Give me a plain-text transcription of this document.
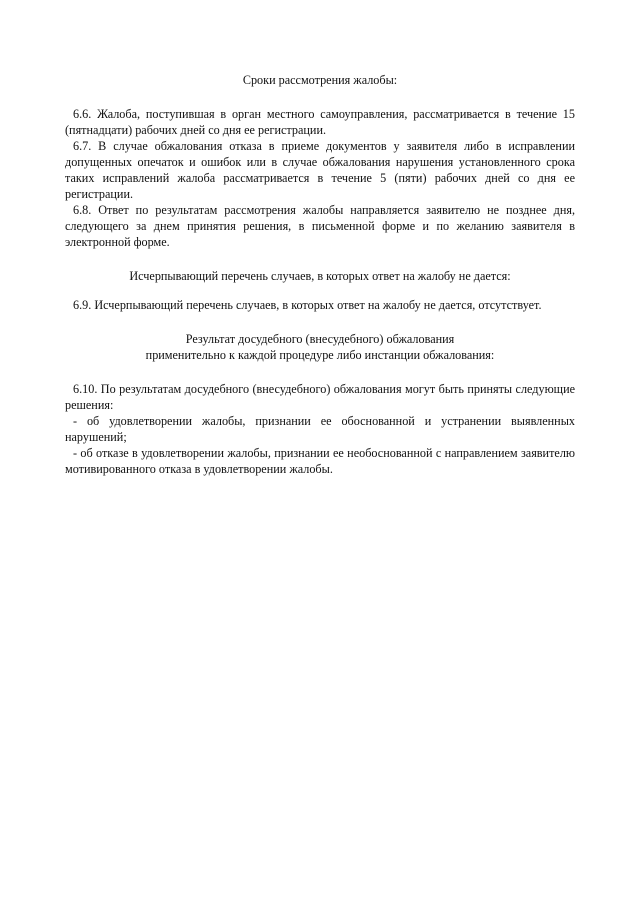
Сроки рассмотрения жалобы:

6.6. Жалоба, поступившая в орган местного самоуправления, рассматривается в течение 15 (пятнадцати) рабочих дней со дня ее регистрации.

6.7. В случае обжалования отказа в приеме документов у заявителя либо в исправлении допущенных опечаток и ошибок или в случае обжалования нарушения установленного срока таких исправлений жалоба рассматривается в течение 5 (пяти) рабочих дней со дня ее регистрации.

6.8. Ответ по результатам рассмотрения жалобы направляется заявителю не позднее дня, следующего за днем принятия решения, в письменной форме и по желанию заявителя в электронной форме.

Исчерпывающий перечень случаев, в которых ответ на жалобу не дается:

6.9. Исчерпывающий перечень случаев, в которых ответ на жалобу не дается, отсутствует.

Результат досудебного (внесудебного) обжалования

применительно к каждой процедуре либо инстанции обжалования:

6.10. По результатам досудебного (внесудебного) обжалования могут быть приняты следующие решения:

- об удовлетворении жалобы, признании ее обоснованной и устранении выявленных нарушений;

- об отказе в удовлетворении жалобы, признании ее необоснованной с направлением заявителю мотивированного отказа в удовлетворении жалобы.
